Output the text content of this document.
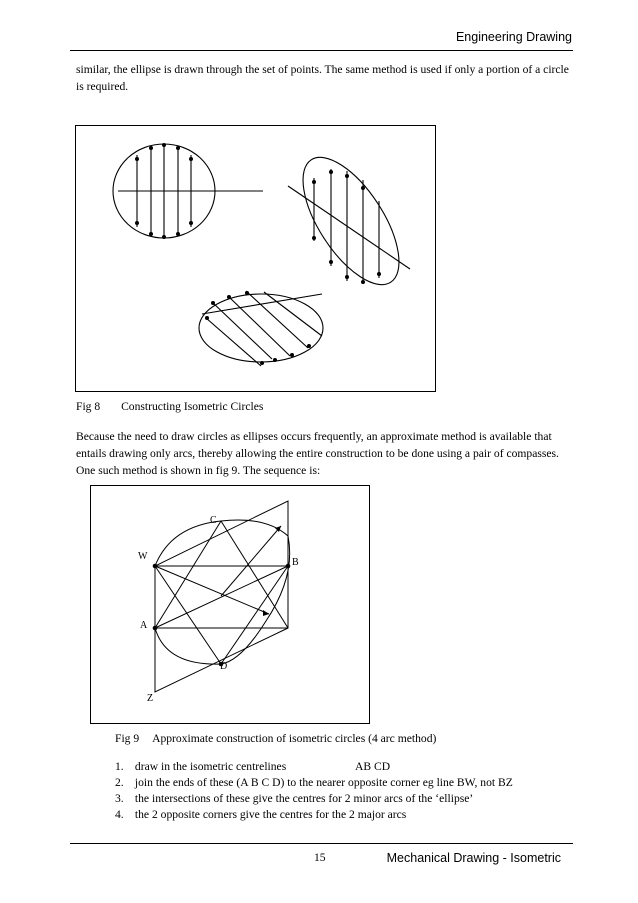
Engineering Drawing
similar, the ellipse is drawn through the set of points. The same method is used if only a portion of a circle is required.
Fig 8 Constructing Isometric Circles
Because the need to draw circles as ellipses occurs frequently, an approximate method is available that entails drawing only arcs, thereby allowing the entire construction to be done using a pair of compasses. One such method is shown in fig 9. The sequence is:
C
W
B
A
D
Z
Fig 9 Approximate construction of isometric circles (4 arc method)
1. draw in the isometric centrelines	AB CD
2. join the ends of these (A B C D) to the nearer opposite corner eg line BW, not BZ
3. the intersections of these give the centres for 2 minor arcs of the ‘ellipse’
4. the 2 opposite corners give the centres for the 2 major arcs
15	Mechanical Drawing - Isometric
